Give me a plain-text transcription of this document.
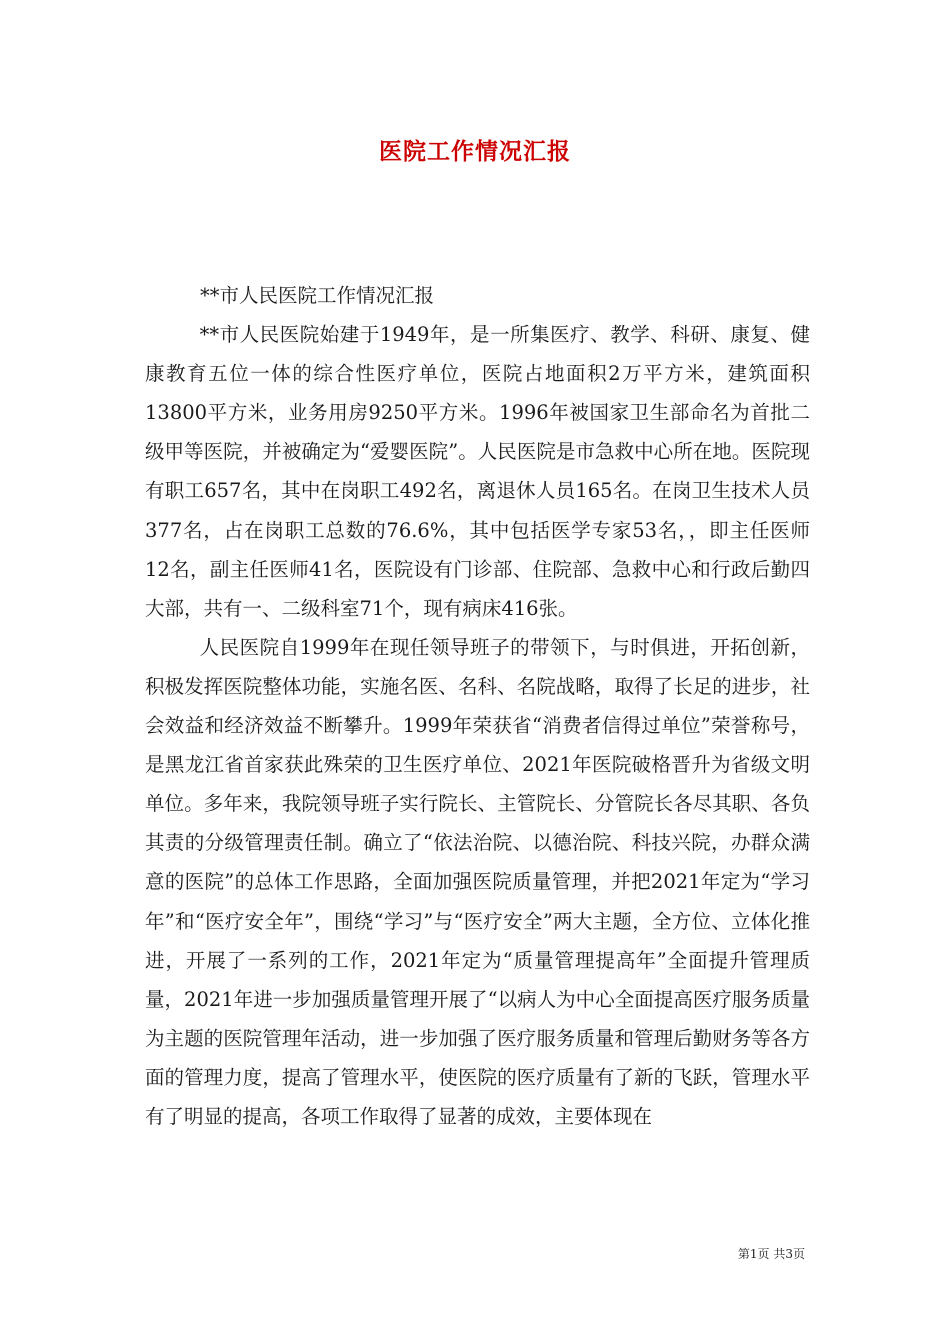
医院工作情况汇报

**市人民医院工作情况汇报

**市人民医院始建于1949年，是一所集医疗、教学、科研、康复、健康教育五位一体的综合性医疗单位，医院占地面积2万平方米，建筑面积13800平方米，业务用房9250平方米。1996年被国家卫生部命名为首批二级甲等医院，并被确定为“爱婴医院”。人民医院是市急救中心所在地。医院现有职工657名，其中在岗职工492名，离退休人员165名。在岗卫生技术人员377名，占在岗职工总数的76.6%，其中包括医学专家53名，，即主任医师12名，副主任医师41名，医院设有门诊部、住院部、急救中心和行政后勤四大部，共有一、二级科室71个，现有病床416张。

人民医院自1999年在现任领导班子的带领下，与时俱进，开拓创新，积极发挥医院整体功能，实施名医、名科、名院战略，取得了长足的进步，社会效益和经济效益不断攀升。1999年荣获省“消费者信得过单位”荣誉称号，是黑龙江省首家获此殊荣的卫生医疗单位、2021年医院破格晋升为省级文明单位。多年来，我院领导班子实行院长、主管院长、分管院长各尽其职、各负其责的分级管理责任制。确立了“依法治院、以德治院、科技兴院，办群众满意的医院”的总体工作思路，全面加强医院质量管理，并把2021年定为“学习年”和“医疗安全年”，围绕“学习”与“医疗安全”两大主题，全方位、立体化推进，开展了一系列的工作，2021年定为“质量管理提高年”全面提升管理质量，2021年进一步加强质量管理开展了“以病人为中心全面提高医疗服务质量为主题的医院管理年活动，进一步加强了医疗服务质量和管理后勤财务等各方面的管理力度，提高了管理水平，使医院的医疗质量有了新的飞跃，管理水平有了明显的提高，各项工作取得了显著的成效，主要体现在

第1页 共3页
